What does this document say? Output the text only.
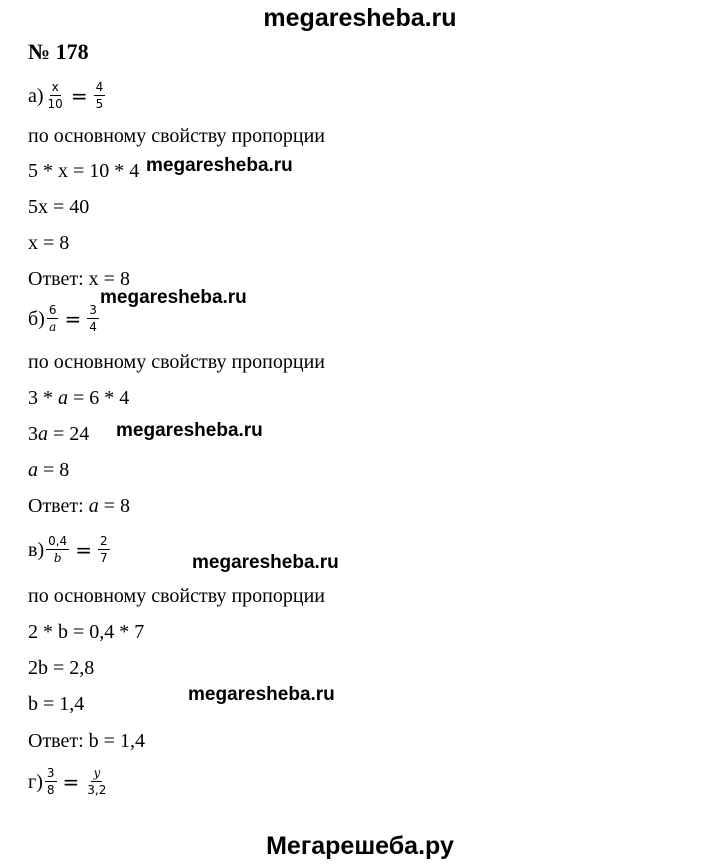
megaresheba.ru
№ 178
$а) \frac{x}{10} = \frac{4}{5}$
по основному свойству пропорции
5 * x = 10 * 4
5x = 40
x = 8
Ответ: x = 8
$б) \frac{6}{a} = \frac{3}{4}$
по основному свойству пропорции
3 * a = 6 * 4
3a = 24
a = 8
Ответ: a = 8
$в) \frac{0,4}{b} = \frac{2}{7}$
по основному свойству пропорции
2 * b = 0,4 * 7
2b = 2,8
b = 1,4
Ответ: b = 1,4
$г) \frac{3}{8} = \frac{y}{3,2}$
megaresheba.ru
megaresheba.ru
megaresheba.ru
megaresheba.ru
megaresheba.ru
Мегарешеба.ру
